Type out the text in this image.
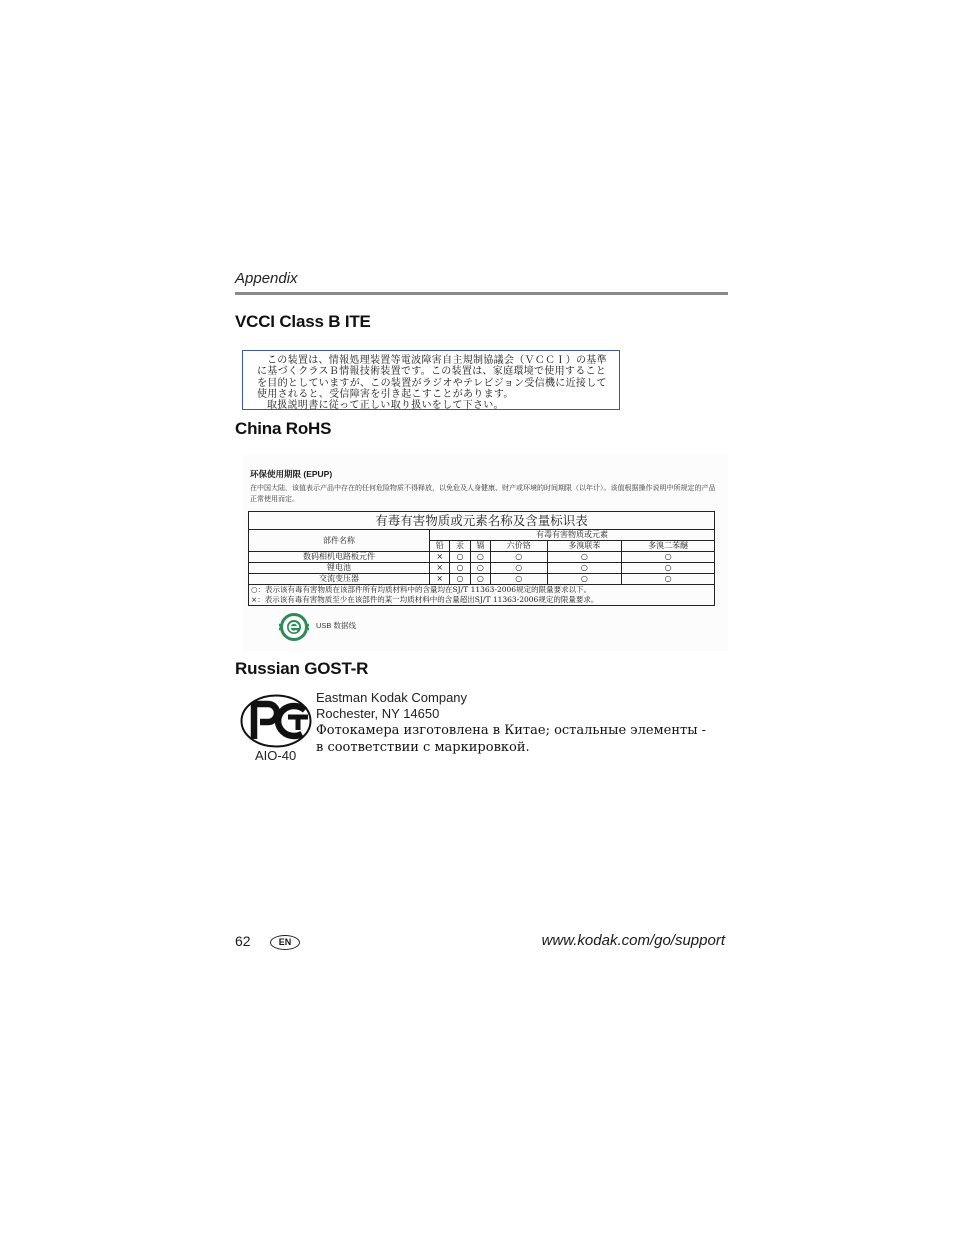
Appendix
VCCI Class B ITE
この装置は、情報処理装置等電波障害自主規制協議会（ＶＣＣＩ）の基準
に基づくクラスＢ情報技術装置です。この装置は、家庭環境で使用すること
を目的としていますが、この装置がラジオやテレビジョン受信機に近接して
使用されると、受信障害を引き起こすことがあります。
取扱説明書に従って正しい取り扱いをして下さい。
China RoHS
环保使用期限 (EPUP)
在中国大陆，该值表示产品中存在的任何危险物质不得释放，以免危及人身健康、财产或环境的时间期限（以年计）。该值根据操作说明中所规定的产品正常使用而定。
有毒有害物质或元素名称及含量标识表						
部件名称	有毒有害物质或元素					
	铅	汞	镉	六价铬	多溴联苯	多溴二苯醚
数码相机电路板元件	×	○	○	○	○	○
锂电池	×	○	○	○	○	○
交流变压器	×	○	○	○	○	○
○：表示该有毒有害物质在该部件所有均质材料中的含量均在SJ/T 11363-2006规定的限量要求以下。						
×：表示该有毒有害物质至少在该部件的某一均质材料中的含量超出SJ/T 11363-2006规定的限量要求。						
USB 数据线
Russian GOST-R
AIO-40
Eastman Kodak Company
Rochester, NY 14650
Фотокамера изготовлена в Китае; остальные элементы -
в соответствии с маркировкой.
62	EN	www.kodak.com/go/support
